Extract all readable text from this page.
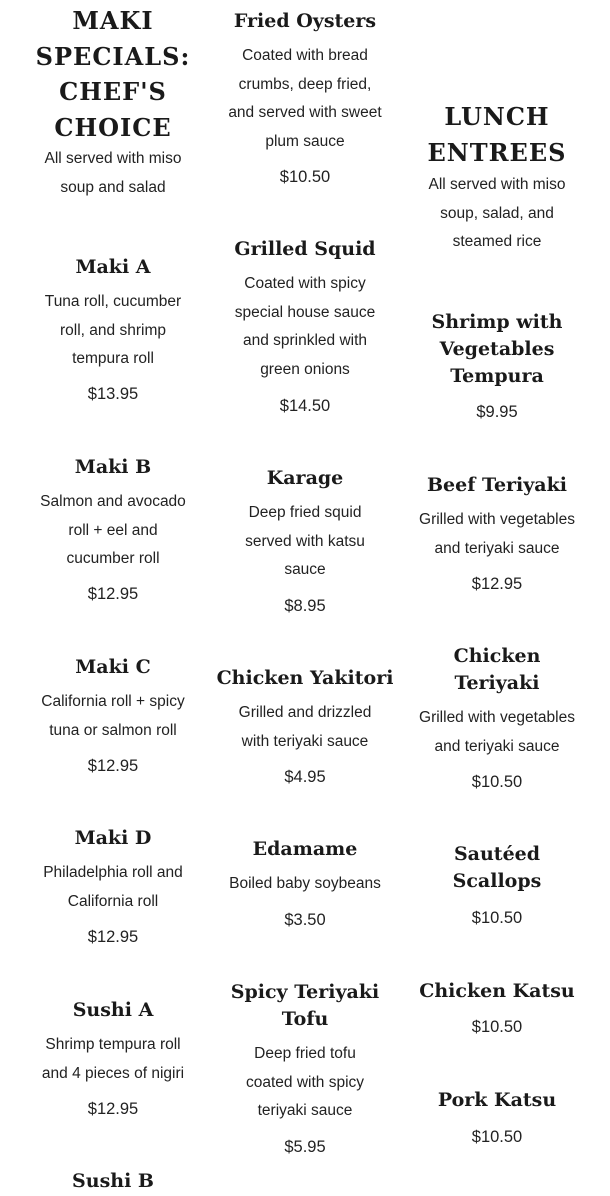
MAKI
SPECIALS:
CHEF'S
CHOICE
All served with miso
soup and salad
Maki A
Tuna roll, cucumber
roll, and shrimp
tempura roll
$13.95
Maki B
Salmon and avocado
roll + eel and
cucumber roll
$12.95
Maki C
California roll + spicy
tuna or salmon roll
$12.95
Maki D
Philadelphia roll and
California roll
$12.95
Sushi A
Shrimp tempura roll
and 4 pieces of nigiri
$12.95
Sushi B
Fried Oysters
Coated with bread
crumbs, deep fried,
and served with sweet
plum sauce
$10.50
Grilled Squid
Coated with spicy
special house sauce
and sprinkled with
green onions
$14.50
Karage
Deep fried squid
served with katsu
sauce
$8.95
Chicken Yakitori
Grilled and drizzled
with teriyaki sauce
$4.95
Edamame
Boiled baby soybeans
$3.50
Spicy Teriyaki
Tofu
Deep fried tofu
coated with spicy
teriyaki sauce
$5.95
LUNCH
ENTREES
All served with miso
soup, salad, and
steamed rice
Shrimp with
Vegetables
Tempura
$9.95
Beef Teriyaki
Grilled with vegetables
and teriyaki sauce
$12.95
Chicken
Teriyaki
Grilled with vegetables
and teriyaki sauce
$10.50
Sautéed
Scallops
$10.50
Chicken Katsu
$10.50
Pork Katsu
$10.50
